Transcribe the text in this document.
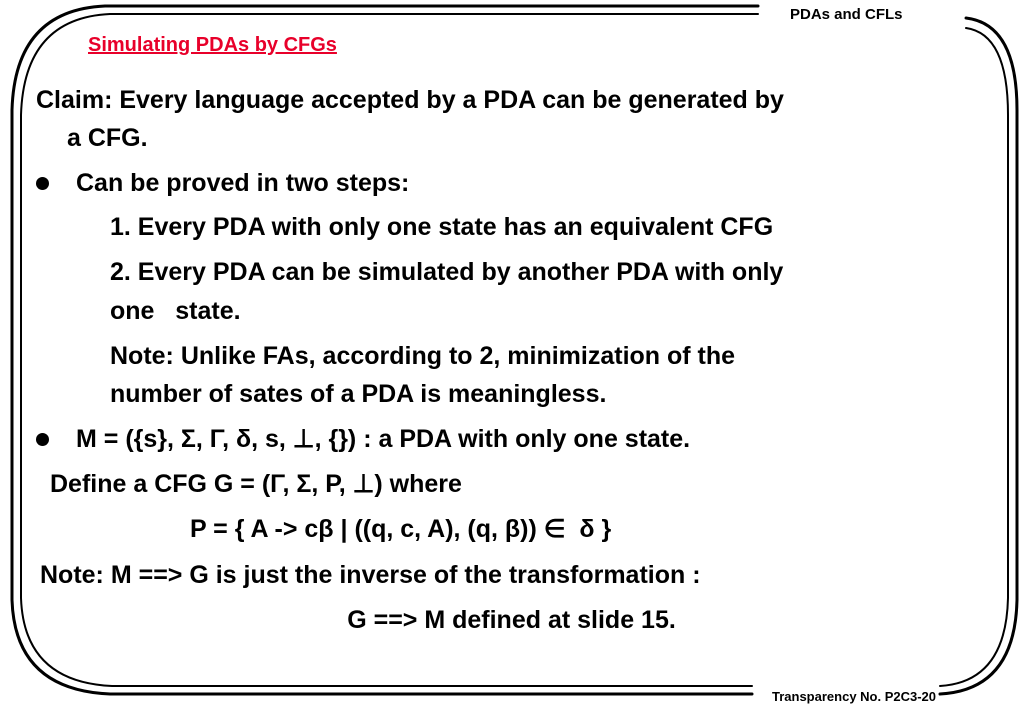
PDAs and CFLs
Simulating PDAs by CFGs
Claim: Every language accepted by a PDA can be generated by
a CFG.
Can be proved in two steps:
1. Every PDA with only one state has an equivalent CFG
2. Every PDA can be simulated by another PDA with only
one   state.
Note: Unlike FAs, according to 2, minimization of the
number of sates of a PDA is meaningless.
M = ({s}, Σ, Γ, δ, s, ⊥, {}) : a PDA with only one state.
Define a CFG G = (Γ, Σ, P, ⊥) where
P = { A -> cβ | ((q, c, A), (q, β)) ∈  δ }
Note: M ==> G is just the inverse of the transformation :
G ==> M defined at slide 15.
Transparency No. P2C3-20
